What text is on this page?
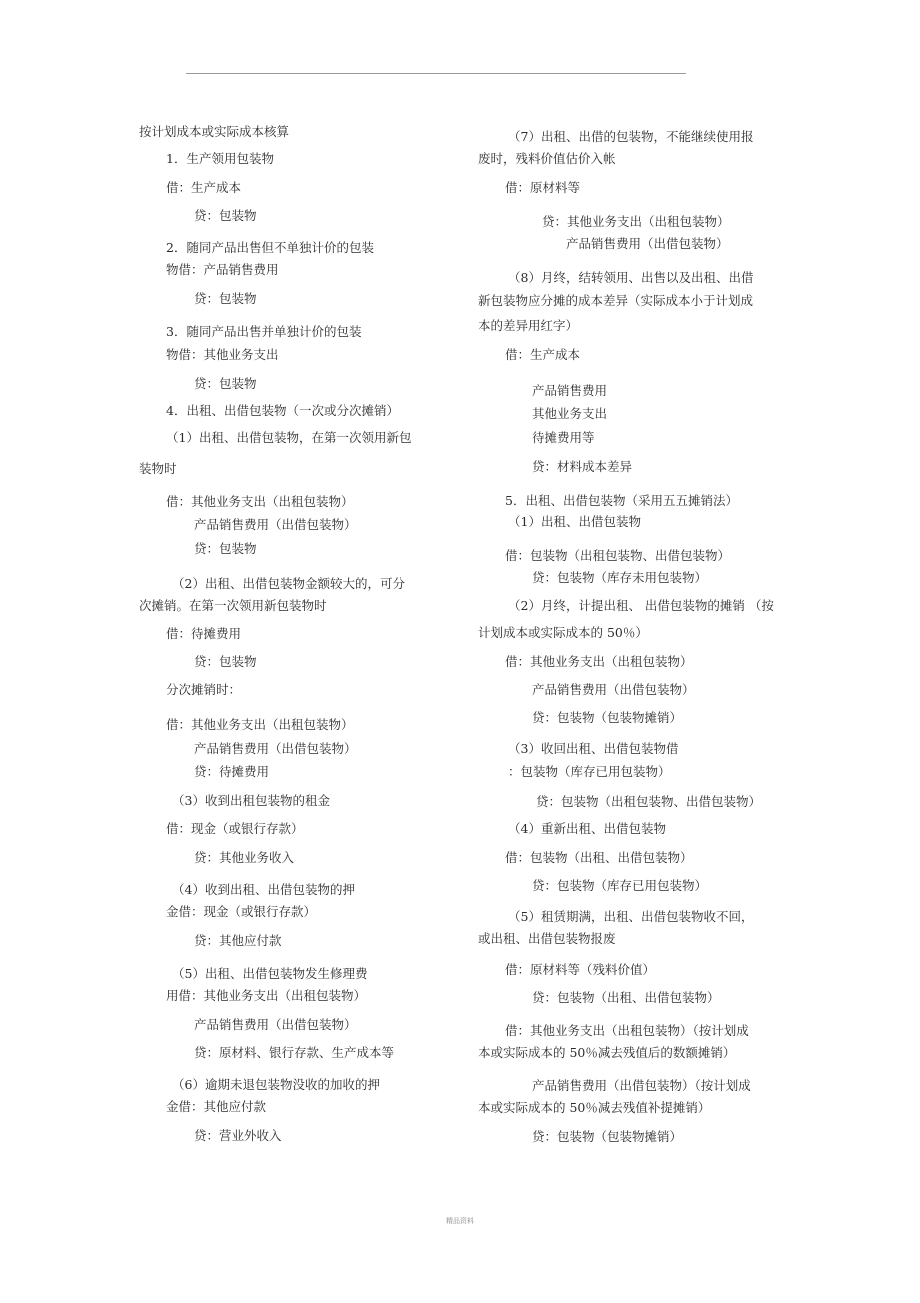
按计划成本或实际成本核算
1．生产领用包装物
借：生产成本
贷：包装物
2．随同产品出售但不单独计价的包装
物借：产品销售费用
贷：包装物
3．随同产品出售并单独计价的包装
物借：其他业务支出
贷：包装物
4．出租、出借包装物（一次或分次摊销）
（1）出租、出借包装物，在第一次领用新包
装物时
借：其他业务支出（出租包装物）
产品销售费用（出借包装物）
贷：包装物
（2）出租、出借包装物金额较大的，可分
次摊销。在第一次领用新包装物时
借：待摊费用
贷：包装物
分次摊销时：
借：其他业务支出（出租包装物）
产品销售费用（出借包装物）
贷：待摊费用
（3）收到出租包装物的租金
借：现金（或银行存款）
贷：其他业务收入
（4）收到出租、出借包装物的押
金借：现金（或银行存款）
贷：其他应付款
（5）出租、出借包装物发生修理费
用借：其他业务支出（出租包装物）
产品销售费用（出借包装物）
贷：原材料、银行存款、生产成本等
（6）逾期未退包装物没收的加收的押
金借：其他应付款
贷：营业外收入
（7）出租、出借的包装物，不能继续使用报
废时，残料价值估价入帐
借：原材料等
贷：其他业务支出（出租包装物）
产品销售费用（出借包装物）
（8）月终，结转领用、出售以及出租、出借
新包装物应分摊的成本差异（实际成本小于计划成
本的差异用红字）
借：生产成本
产品销售费用
其他业务支出
待摊费用等
贷：材料成本差异
5．出租、出借包装物（采用五五摊销法）
（1）出租、出借包装物
借：包装物（出租包装物、出借包装物）
贷：包装物（库存未用包装物）
（2）月终，计提出租、 出借包装物的摊销 （按
计划成本或实际成本的 50％）
借：其他业务支出（出租包装物）
产品销售费用（出借包装物）
贷：包装物（包装物摊销）
（3）收回出租、出借包装物借
：包装物（库存已用包装物）
贷：包装物（出租包装物、出借包装物）
（4）重新出租、出借包装物
借：包装物（出租、出借包装物）
贷：包装物（库存已用包装物）
（5）租赁期满，出租、出借包装物收不回，
或出租、出借包装物报废
借：原材料等（残料价值）
贷：包装物（出租、出借包装物）
借：其他业务支出（出租包装物）（按计划成
本或实际成本的 50％减去残值后的数额摊销）
产品销售费用（出借包装物）（按计划成
本或实际成本的 50％减去残值补提摊销）
贷：包装物（包装物摊销）
精品资料
